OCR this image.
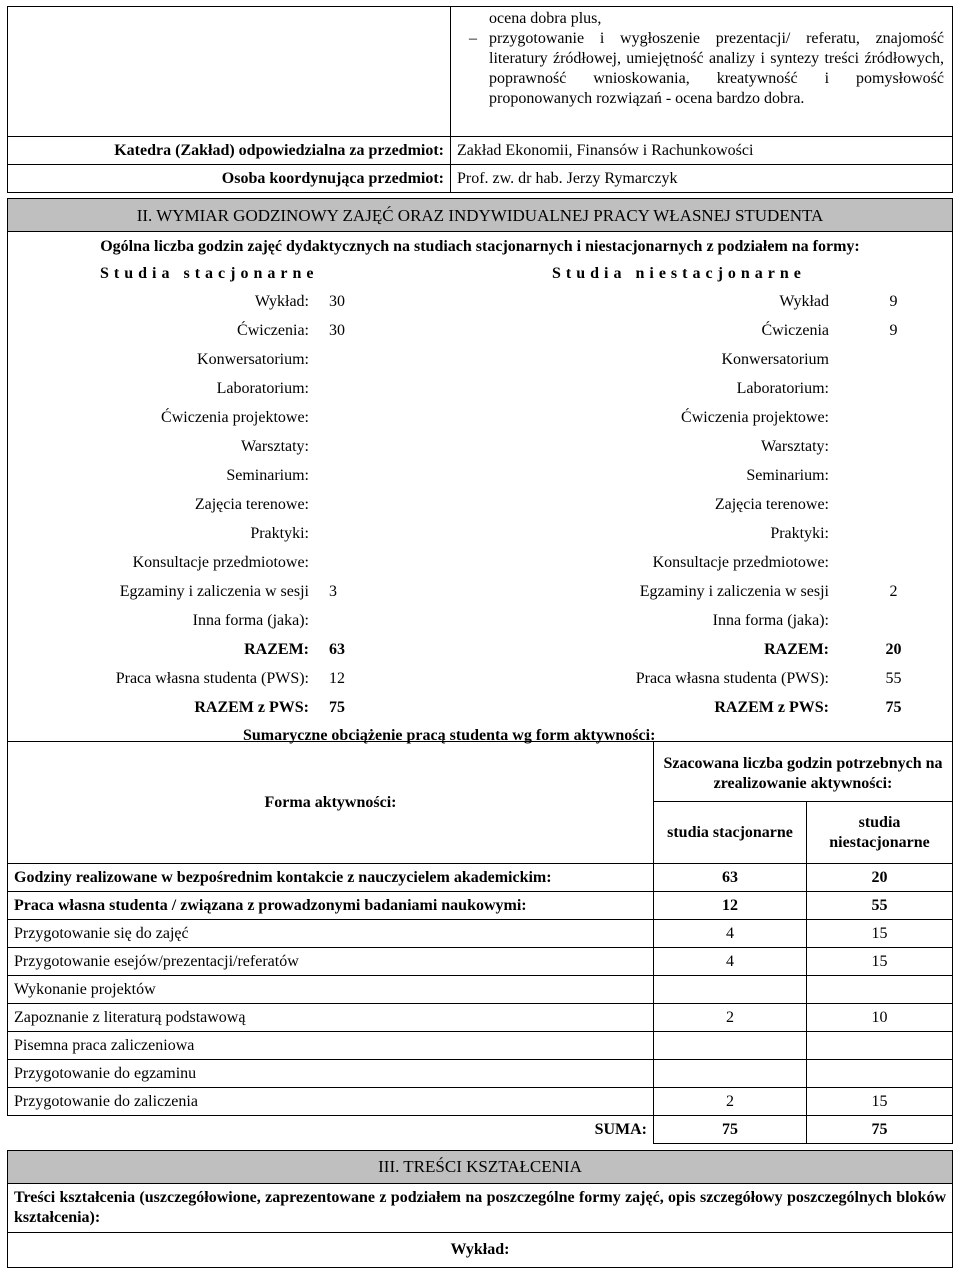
	ocena dobra plus,
– przygotowanie i wygłoszenie prezentacji/ referatu, znajomość literatury źródłowej, umiejętność analizy i syntezy treści źródłowych, poprawność wnioskowania, kreatywność i pomysłowość proponowanych rozwiązań - ocena bardzo dobra.

Katedra (Zakład) odpowiedzialna za przedmiot:	Zakład Ekonomii, Finansów i Rachunkowości
Osoba koordynująca przedmiot:	Prof. zw. dr hab. Jerzy Rymarczyk
II. WYMIAR GODZINOWY ZAJĘĆ ORAZ INDYWIDUALNEJ PRACY WŁASNEJ STUDENTA
Ogólna liczba godzin zajęć dydaktycznych na studiach stacjonarnych i niestacjonarnych z podziałem na formy:
Studia stacjonarne	Studia niestacjonarne
Wykład:	30	Wykład	9
Ćwiczenia:	30	Ćwiczenia	9
Konwersatorium:		Konwersatorium	
Laboratorium:		Laboratorium:	
Ćwiczenia projektowe:		Ćwiczenia projektowe:	
Warsztaty:		Warsztaty:	
Seminarium:		Seminarium:	
Zajęcia terenowe:		Zajęcia terenowe:	
Praktyki:		Praktyki:	
Konsultacje przedmiotowe:		Konsultacje przedmiotowe:	
Egzaminy i zaliczenia w sesji	3	Egzaminy i zaliczenia w sesji	2
Inna forma (jaka):		Inna forma (jaka):	
RAZEM:	63	RAZEM:	20
Praca własna studenta (PWS):	12	Praca własna studenta (PWS):	55
RAZEM z PWS:	75	RAZEM z PWS:	75
Sumaryczne obciążenie pracą studenta wg form aktywności:
Forma aktywności:	Szacowana liczba godzin potrzebnych na zrealizowanie aktywności:	
	studia stacjonarne	studia niestacjonarne
Godziny realizowane w bezpośrednim kontakcie z nauczycielem akademickim:	63	20
Praca własna studenta / związana z prowadzonymi badaniami naukowymi:	12	55
Przygotowanie się do zajęć	4	15
Przygotowanie esejów/prezentacji/referatów	4	15
Wykonanie projektów		
Zapoznanie z literaturą podstawową	2	10
Pisemna praca zaliczeniowa		
Przygotowanie do egzaminu		
Przygotowanie do zaliczenia	2	15
SUMA:	75	75
III. TREŚCI KSZTAŁCENIA
Treści kształcenia (uszczegółowione, zaprezentowane z podziałem na poszczególne formy zajęć, opis szczegółowy poszczególnych bloków kształcenia):
Wykład:
